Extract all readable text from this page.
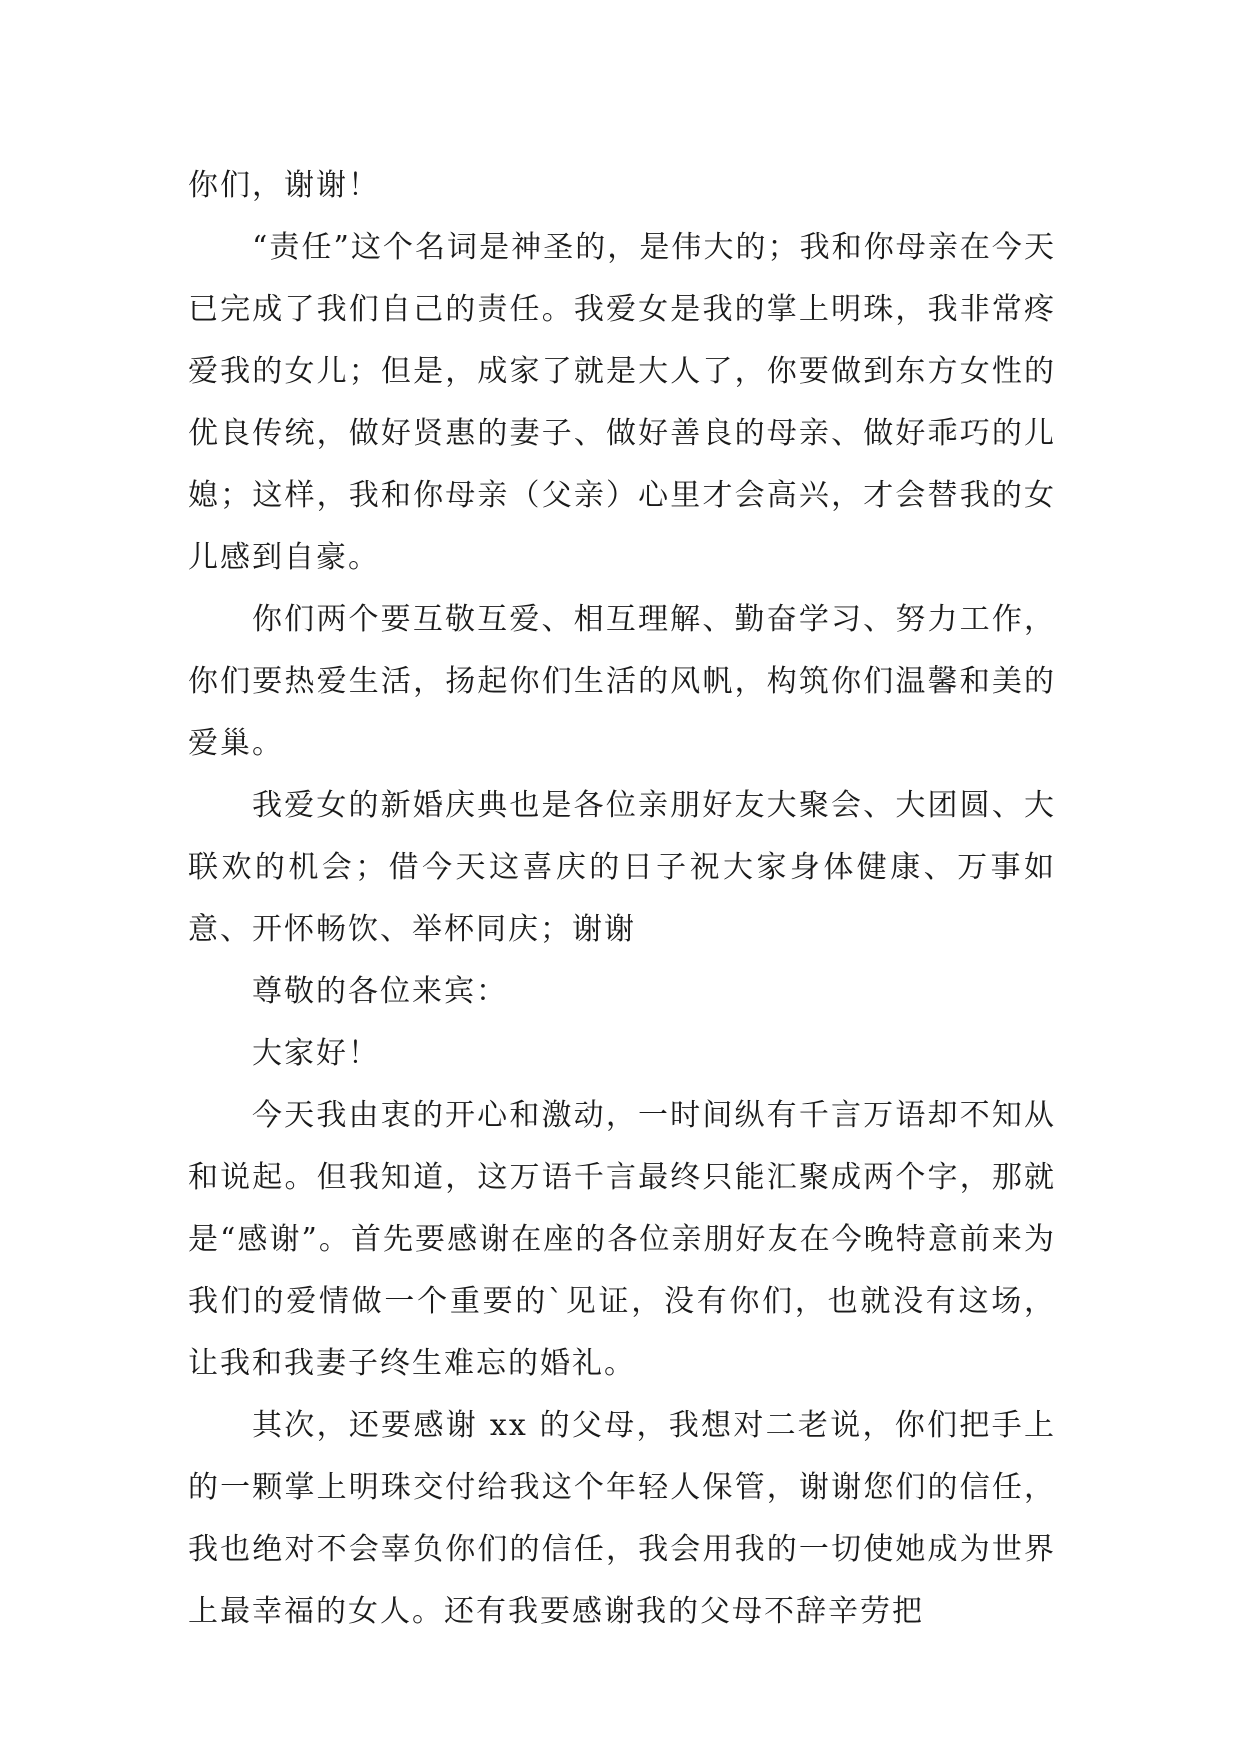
你们，谢谢！

“责任”这个名词是神圣的，是伟大的；我和你母亲在今天已完成了我们自己的责任。我爱女是我的掌上明珠，我非常疼爱我的女儿；但是，成家了就是大人了，你要做到东方女性的优良传统，做好贤惠的妻子、做好善良的母亲、做好乖巧的儿媳；这样，我和你母亲（父亲）心里才会高兴，才会替我的女儿感到自豪。

你们两个要互敬互爱、相互理解、勤奋学习、努力工作，你们要热爱生活，扬起你们生活的风帆，构筑你们温馨和美的爱巢。

我爱女的新婚庆典也是各位亲朋好友大聚会、大团圆、大联欢的机会；借今天这喜庆的日子祝大家身体健康、万事如意、开怀畅饮、举杯同庆；谢谢

尊敬的各位来宾：

大家好！

今天我由衷的开心和激动，一时间纵有千言万语却不知从和说起。但我知道，这万语千言最终只能汇聚成两个字，那就是“感谢”。首先要感谢在座的各位亲朋好友在今晚特意前来为我们的爱情做一个重要的`见证，没有你们，也就没有这场，让我和我妻子终生难忘的婚礼。

其次，还要感谢 xx 的父母，我想对二老说，你们把手上的一颗掌上明珠交付给我这个年轻人保管，谢谢您们的信任，我也绝对不会辜负你们的信任，我会用我的一切使她成为世界上最幸福的女人。还有我要感谢我的父母不辞辛劳把
